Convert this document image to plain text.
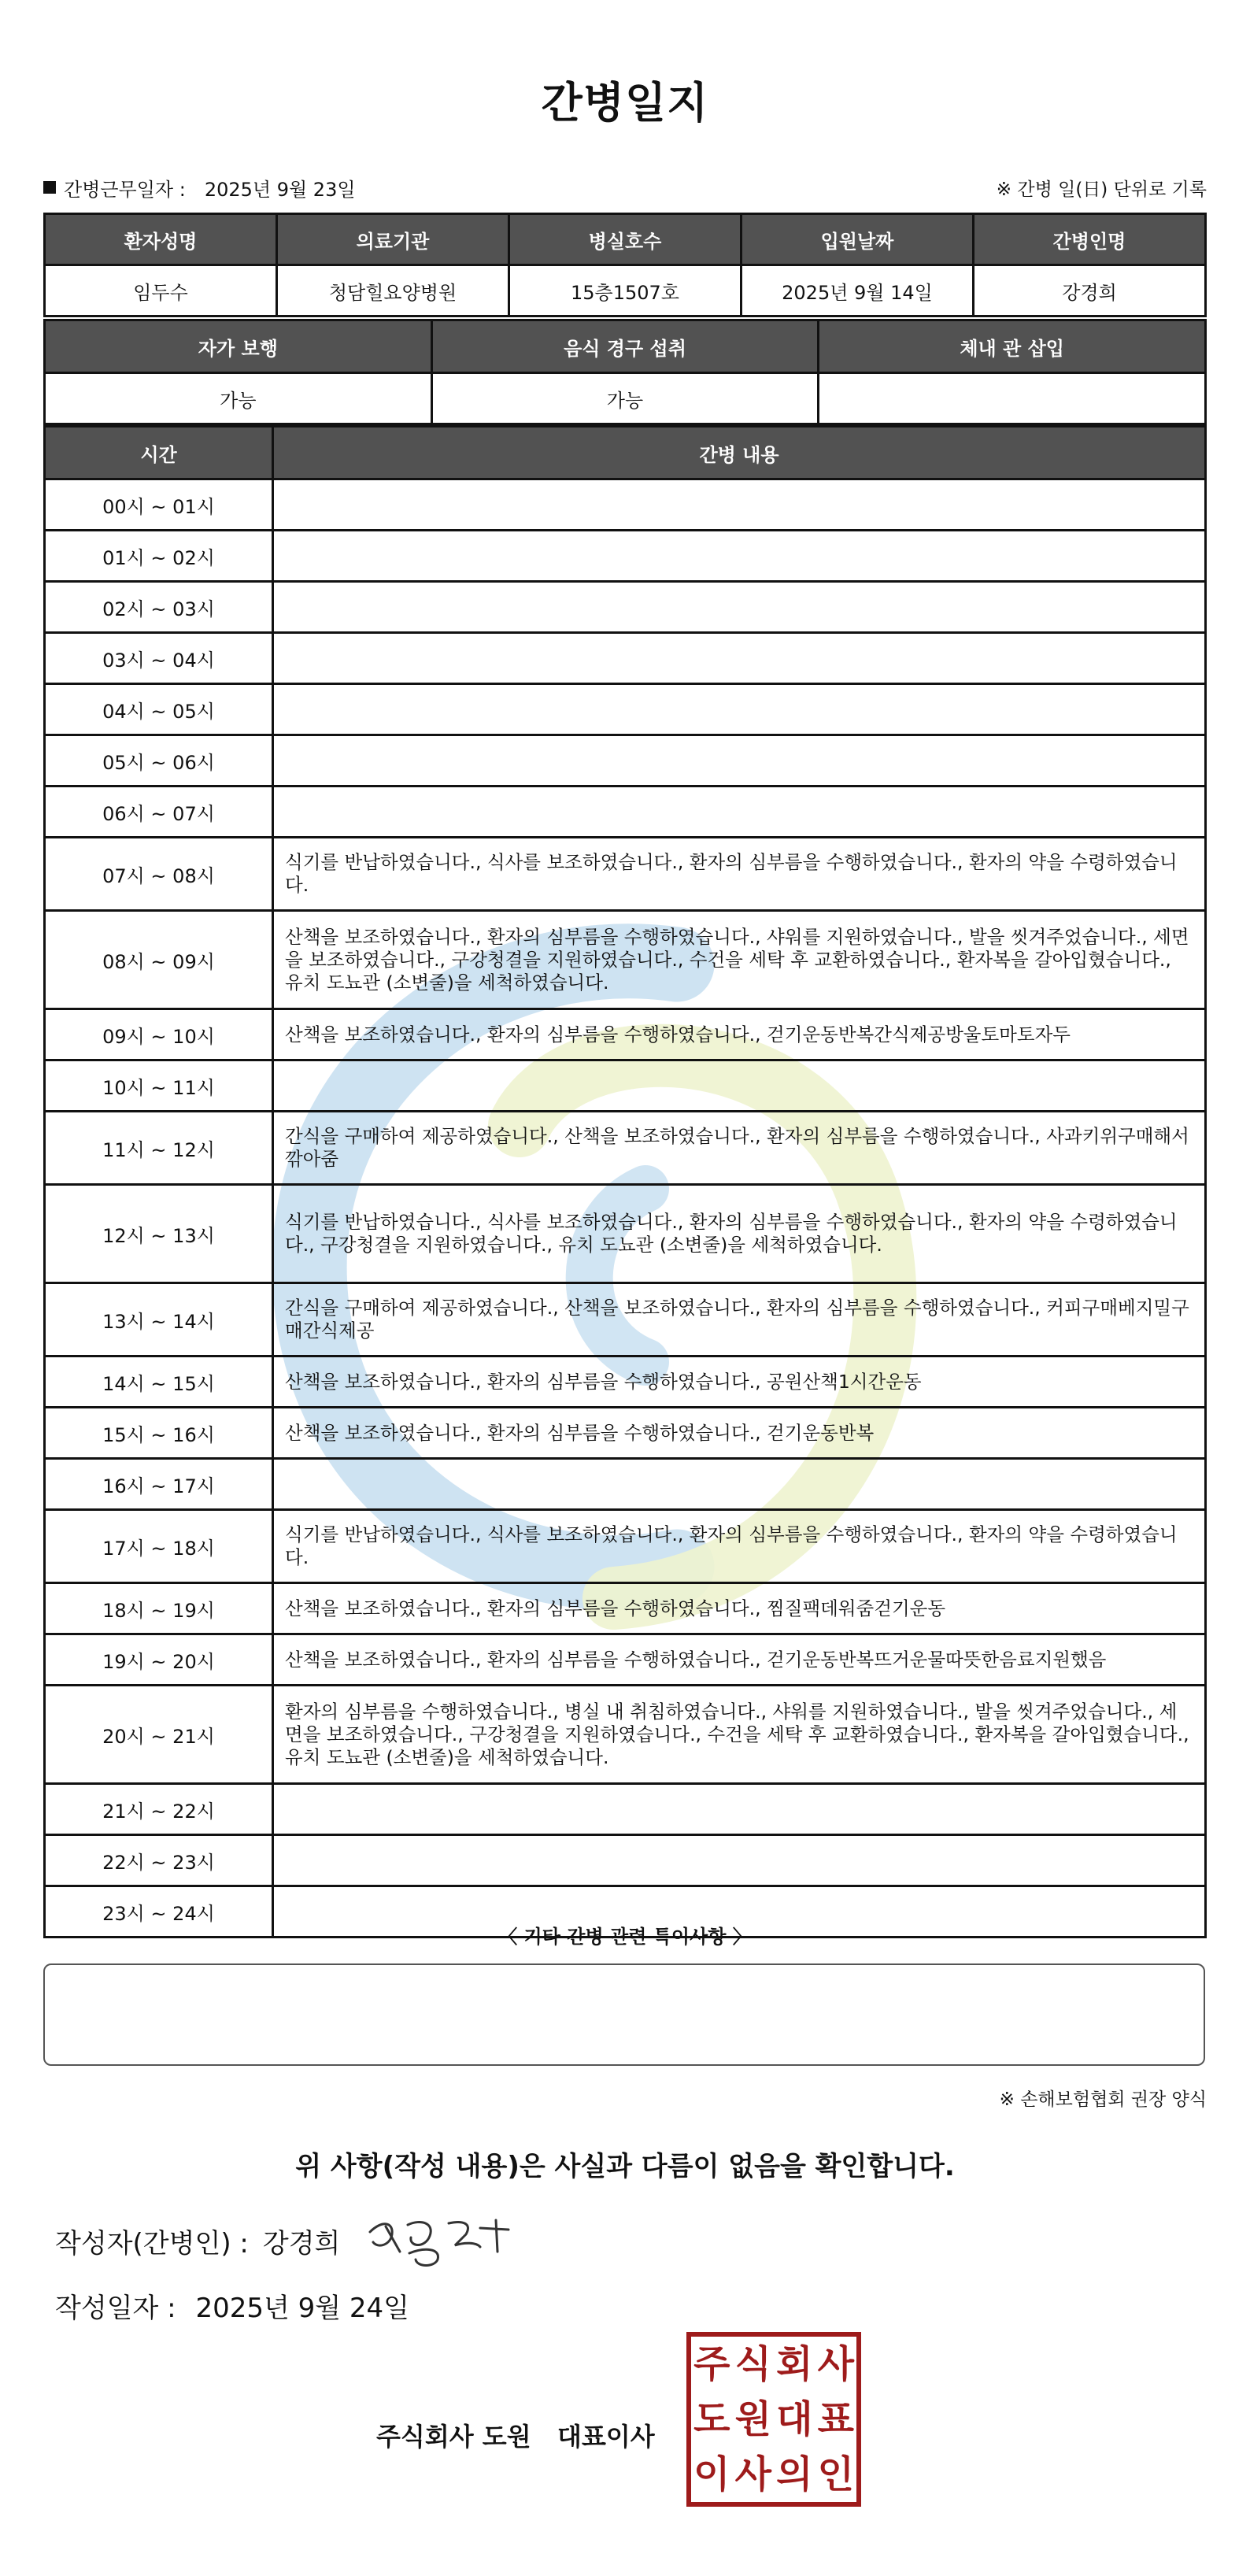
간병일지
간병근무일자 : 2025년 9월 23일	※ 간병 일(日) 단위로 기록
환자성명	의료기관	병실호수	입원날짜	간병인명
임두수	청담힐요양병원	15층1507호	2025년 9월 14일	강경희
자가 보행	음식 경구 섭취	체내 관 삽입
가능	가능	
시간	간병 내용
00시 ~ 01시	
01시 ~ 02시	
02시 ~ 03시	
03시 ~ 04시	
04시 ~ 05시	
05시 ~ 06시	
06시 ~ 07시	
07시 ~ 08시	식기를 반납하였습니다., 식사를 보조하였습니다., 환자의 심부름을 수행하였습니다., 환자의 약을 수령하였습니다.
08시 ~ 09시	산책을 보조하였습니다., 환자의 심부름을 수행하였습니다., 샤워를 지원하였습니다., 발을 씻겨주었습니다., 세면을 보조하였습니다., 구강청결을 지원하였습니다., 수건을 세탁 후 교환하였습니다., 환자복을 갈아입혔습니다., 유치 도뇨관 (소변줄)을 세척하였습니다.
09시 ~ 10시	산책을 보조하였습니다., 환자의 심부름을 수행하였습니다., 걷기운동반복간식제공방울토마토자두
10시 ~ 11시	
11시 ~ 12시	간식을 구매하여 제공하였습니다., 산책을 보조하였습니다., 환자의 심부름을 수행하였습니다., 사과키위구매해서깎아줌
12시 ~ 13시	식기를 반납하였습니다., 식사를 보조하였습니다., 환자의 심부름을 수행하였습니다., 환자의 약을 수령하였습니다., 구강청결을 지원하였습니다., 유치 도뇨관 (소변줄)을 세척하였습니다.
13시 ~ 14시	간식을 구매하여 제공하였습니다., 산책을 보조하였습니다., 환자의 심부름을 수행하였습니다., 커피구매베지밀구매간식제공
14시 ~ 15시	산책을 보조하였습니다., 환자의 심부름을 수행하였습니다., 공원산책1시간운동
15시 ~ 16시	산책을 보조하였습니다., 환자의 심부름을 수행하였습니다., 걷기운동반복
16시 ~ 17시	
17시 ~ 18시	식기를 반납하였습니다., 식사를 보조하였습니다., 환자의 심부름을 수행하였습니다., 환자의 약을 수령하였습니다.
18시 ~ 19시	산책을 보조하였습니다., 환자의 심부름을 수행하였습니다., 찜질팩데워줌걷기운동
19시 ~ 20시	산책을 보조하였습니다., 환자의 심부름을 수행하였습니다., 걷기운동반복뜨거운물따뜻한음료지원했음
20시 ~ 21시	환자의 심부름을 수행하였습니다., 병실 내 취침하였습니다., 샤워를 지원하였습니다., 발을 씻겨주었습니다., 세면을 보조하였습니다., 구강청결을 지원하였습니다., 수건을 세탁 후 교환하였습니다., 환자복을 갈아입혔습니다., 유치 도뇨관 (소변줄)을 세척하였습니다.
21시 ~ 22시	
22시 ~ 23시	
23시 ~ 24시	
〈 기타 간병 관련 특이사항 〉
※ 손해보험협회 권장 양식
위 사항(작성 내용)은 사실과 다름이 없음을 확인합니다.
작성자(간병인) : 강경희
작성일자 : 2025년 9월 24일
주식회사 도원   대표이사
주 식 회 사
도 원 대 표
이 사 의 인
